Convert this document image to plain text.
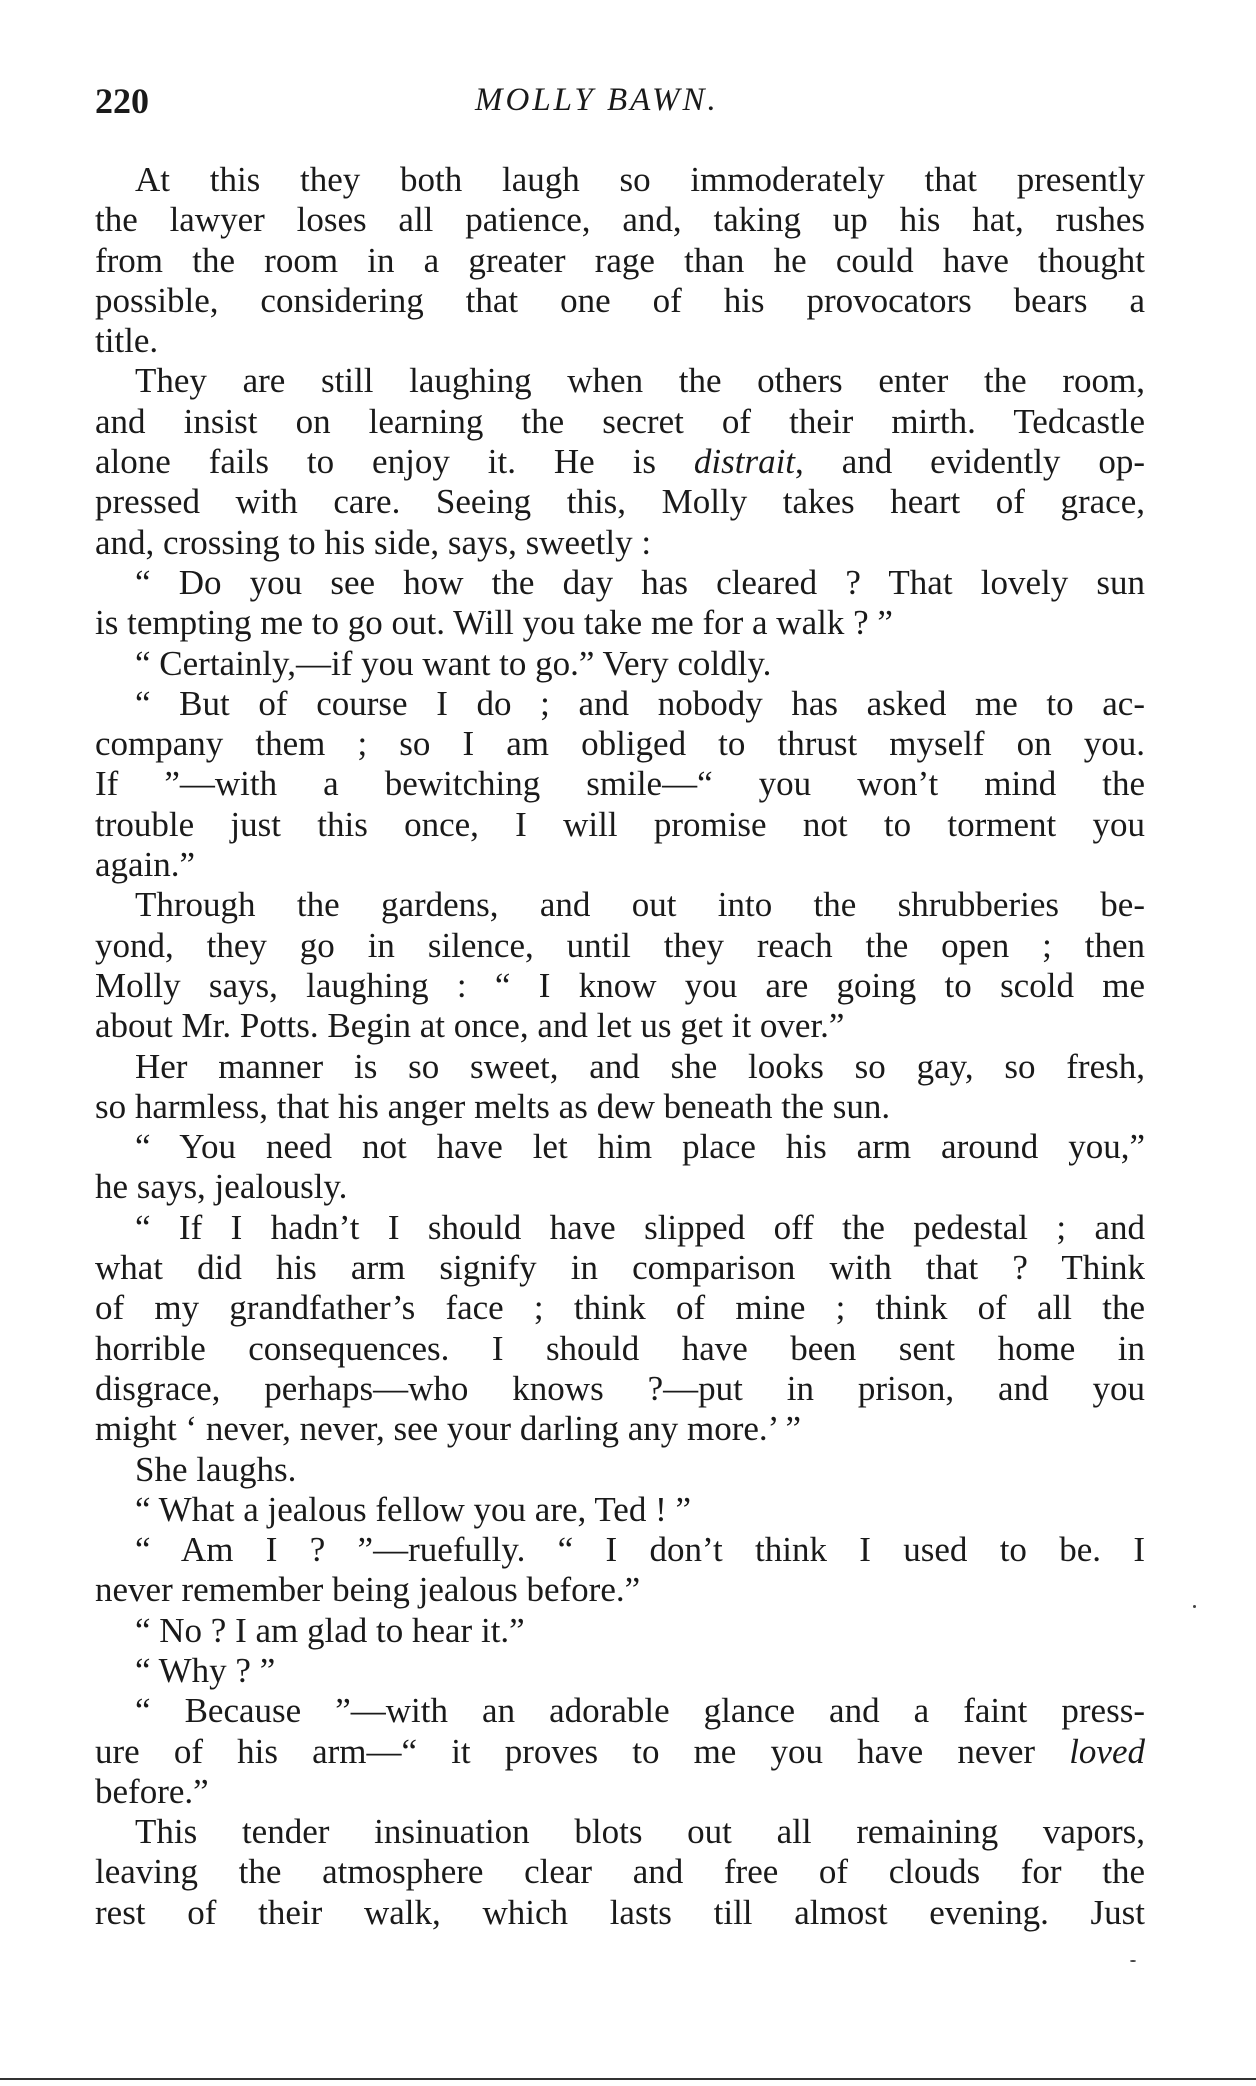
220	MOLLY BAWN.
At this they both laugh so immoderately that presently
the lawyer loses all patience, and, taking up his hat, rushes
from the room in a greater rage than he could have thought
possible, considering that one of his provocators bears a
title.
They are still laughing when the others enter the room,
and insist on learning the secret of their mirth. Tedcastle
alone fails to enjoy it. He is distrait, and evidently op-
pressed with care. Seeing this, Molly takes heart of grace,
and, crossing to his side, says, sweetly :
“ Do you see how the day has cleared ? That lovely sun
is tempting me to go out. Will you take me for a walk ? ”
“ Certainly,—if you want to go.” Very coldly.
“ But of course I do ; and nobody has asked me to ac-
company them ; so I am obliged to thrust myself on you.
If ”—with a bewitching smile—“ you won’t mind the
trouble just this once, I will promise not to torment you
again.”
Through the gardens, and out into the shrubberies be-
yond, they go in silence, until they reach the open ; then
Molly says, laughing : “ I know you are going to scold me
about Mr. Potts. Begin at once, and let us get it over.”
Her manner is so sweet, and she looks so gay, so fresh,
so harmless, that his anger melts as dew beneath the sun.
“ You need not have let him place his arm around you,”
he says, jealously.
“ If I hadn’t I should have slipped off the pedestal ; and
what did his arm signify in comparison with that ? Think
of my grandfather’s face ; think of mine ; think of all the
horrible consequences. I should have been sent home in
disgrace, perhaps—who knows ?—put in prison, and you
might ‘ never, never, see your darling any more.’ ”
She laughs.
“ What a jealous fellow you are, Ted ! ”
“ Am I ? ”—ruefully. “ I don’t think I used to be. I
never remember being jealous before.”
“ No ? I am glad to hear it.”
“ Why ? ”
“ Because ”—with an adorable glance and a faint press-
ure of his arm—“ it proves to me you have never loved
before.”
This tender insinuation blots out all remaining vapors,
leaving the atmosphere clear and free of clouds for the
rest of their walk, which lasts till almost evening. Just
